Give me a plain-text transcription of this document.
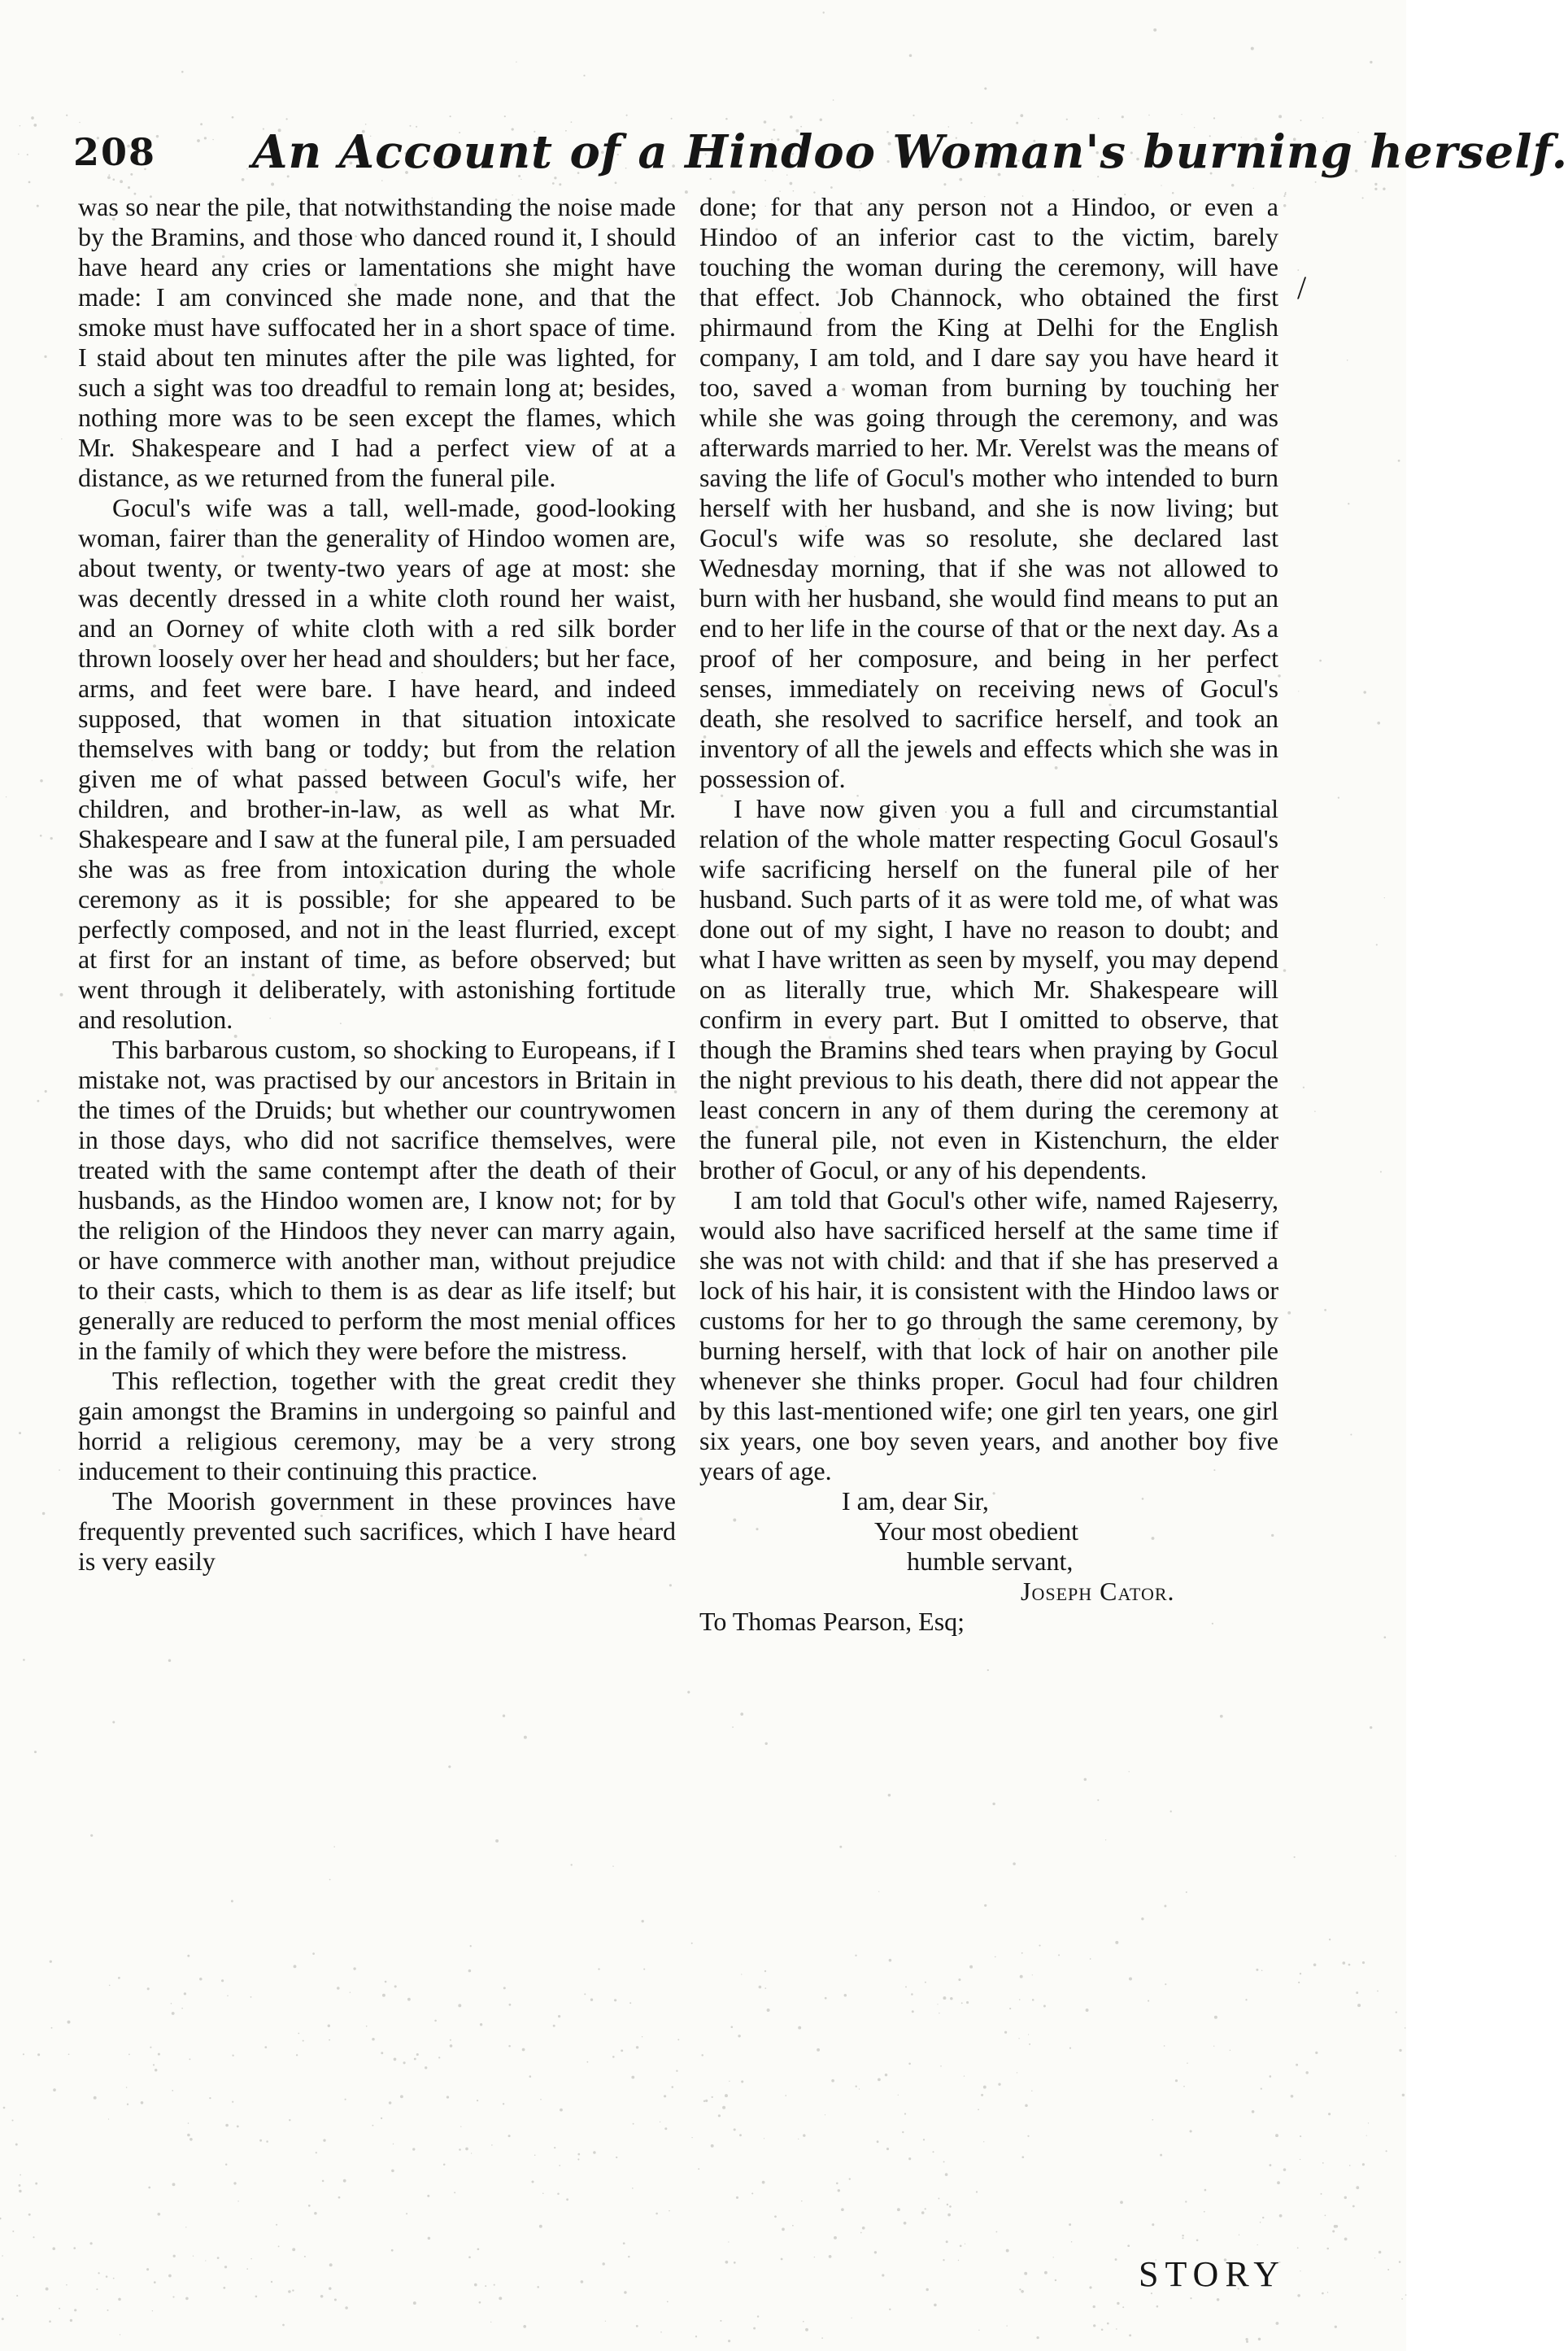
208 An Account of a Hindoo Woman's burning herself.
/

was so near the pile, that notwithstanding the noise made by the Bramins, and those who danced round it, I should have heard any cries or lamentations she might have made: I am convinced she made none, and that the smoke must have suffocated her in a short space of time. I staid about ten minutes after the pile was lighted, for such a sight was too dreadful to remain long at; besides, nothing more was to be seen except the flames, which Mr. Shakespeare and I had a perfect view of at a distance, as we returned from the funeral pile.

Gocul's wife was a tall, well-made, good-looking woman, fairer than the generality of Hindoo women are, about twenty, or twenty-two years of age at most: she was decently dressed in a white cloth round her waist, and an Oorney of white cloth with a red silk border thrown loosely over her head and shoulders; but her face, arms, and feet were bare. I have heard, and indeed supposed, that women in that situation intoxicate themselves with bang or toddy; but from the relation given me of what passed between Gocul's wife, her children, and brother-in-law, as well as what Mr. Shakespeare and I saw at the funeral pile, I am persuaded she was as free from intoxication during the whole ceremony as it is possible; for she appeared to be perfectly composed, and not in the least flurried, except at first for an instant of time, as before observed; but went through it deliberately, with astonishing fortitude and resolution.

This barbarous custom, so shocking to Europeans, if I mistake not, was practised by our ancestors in Britain in the times of the Druids; but whether our countrywomen in those days, who did not sacrifice themselves, were treated with the same contempt after the death of their husbands, as the Hindoo women are, I know not; for by the religion of the Hindoos they never can marry again, or have commerce with another man, without prejudice to their casts, which to them is as dear as life itself; but generally are reduced to perform the most menial offices in the family of which they were before the mistress.

This reflection, together with the great credit they gain amongst the Bramins in undergoing so painful and horrid a religious ceremony, may be a very strong inducement to their continuing this practice.

The Moorish government in these provinces have frequently prevented such sacrifices, which I have heard is very easily

done; for that any person not a Hindoo, or even a Hindoo of an inferior cast to the victim, barely touching the woman during the ceremony, will have that effect. Job Channock, who obtained the first phirmaund from the King at Delhi for the English company, I am told, and I dare say you have heard it too, saved a woman from burning by touching her while she was going through the ceremony, and was afterwards married to her. Mr. Verelst was the means of saving the life of Gocul's mother who intended to burn herself with her husband, and she is now living; but Gocul's wife was so resolute, she declared last Wednesday morning, that if she was not allowed to burn with her husband, she would find means to put an end to her life in the course of that or the next day. As a proof of her composure, and being in her perfect senses, immediately on receiving news of Gocul's death, she resolved to sacrifice herself, and took an inventory of all the jewels and effects which she was in possession of.

I have now given you a full and circumstantial relation of the whole matter respecting Gocul Gosaul's wife sacrificing herself on the funeral pile of her husband. Such parts of it as were told me, of what was done out of my sight, I have no reason to doubt; and what I have written as seen by myself, you may depend on as literally true, which Mr. Shakespeare will confirm in every part. But I omitted to observe, that though the Bramins shed tears when praying by Gocul the night previous to his death, there did not appear the least concern in any of them during the ceremony at the funeral pile, not even in Kistenchurn, the elder brother of Gocul, or any of his dependents.

I am told that Gocul's other wife, named Rajeserry, would also have sacrificed herself at the same time if she was not with child: and that if she has preserved a lock of his hair, it is consistent with the Hindoo laws or customs for her to go through the same ceremony, by burning herself, with that lock of hair on another pile whenever she thinks proper. Gocul had four children by this last-mentioned wife; one girl ten years, one girl six years, one boy seven years, and another boy five years of age.

I am, dear Sir,
Your most obedient
humble servant,
Joseph Cator.
To Thomas Pearson, Esq;
STORY
